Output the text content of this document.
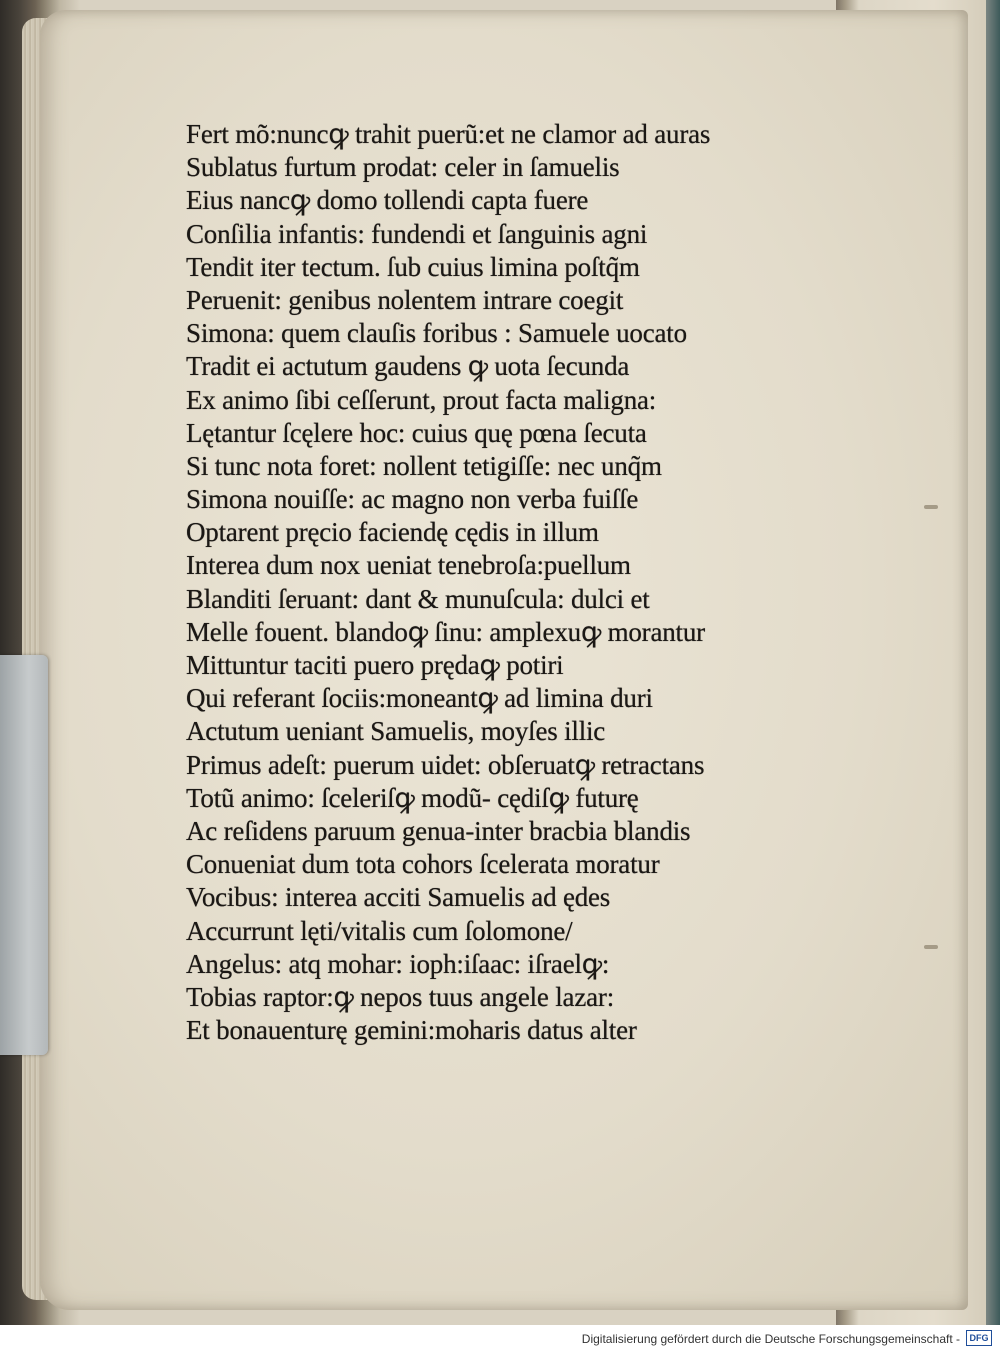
Fert mõ:nuncꝙ trahit puerũ:et ne clamor ad auras
Sublatus furtum prodat: celer in ſamuelis
Eius nancꝙ domo tollendi capta fuere
Conſilia infantis: fundendi et ſanguinis agni
Tendit iter tectum. ſub cuius limina poſtq̃m
Peruenit: genibus nolentem intrare coegit
Simona: quem clauſis foribus : Samuele uocato
Tradit ei actutum gaudens ꝙ uota ſecunda
Ex animo ſibi ceſſerunt, prout facta maligna:
Lętantur ſcęlere hoc: cuius quę pœna ſecuta
Si tunc nota foret: nollent tetigiſſe: nec unq̃m
Simona nouiſſe: ac magno non verba fuiſſe
Optarent pręcio faciendę cędis in illum
Interea dum nox ueniat tenebroſa:puellum
Blanditi ſeruant: dant & munuſcula: dulci et
Melle fouent. blandoꝙ ſinu: amplexuꝙ morantur
Mittuntur taciti puero prędaꝙ potiri
Qui referant ſociis:moneantꝙ ad limina duri
Actutum ueniant Samuelis, moyſes illic
Primus adeſt: puerum uidet: obſeruatꝙ retractans
Totũ animo: ſceleriſꝙ modũ- cędiſꝙ futurę
Ac reſidens paruum genua-inter bracbia blandis
Conueniat dum tota cohors ſcelerata moratur
Vocibus: interea acciti Samuelis ad ędes
Accurrunt lęti/vitalis cum ſolomone/
Angelus: atq mohar: ioph:iſaac: iſraelꝙ:
Tobias raptor:ꝙ nepos tuus angele lazar:
Et bonauenturę gemini:moharis datus alter
Digitalisierung gefördert durch die Deutsche Forschungsgemeinschaft -	DFG
